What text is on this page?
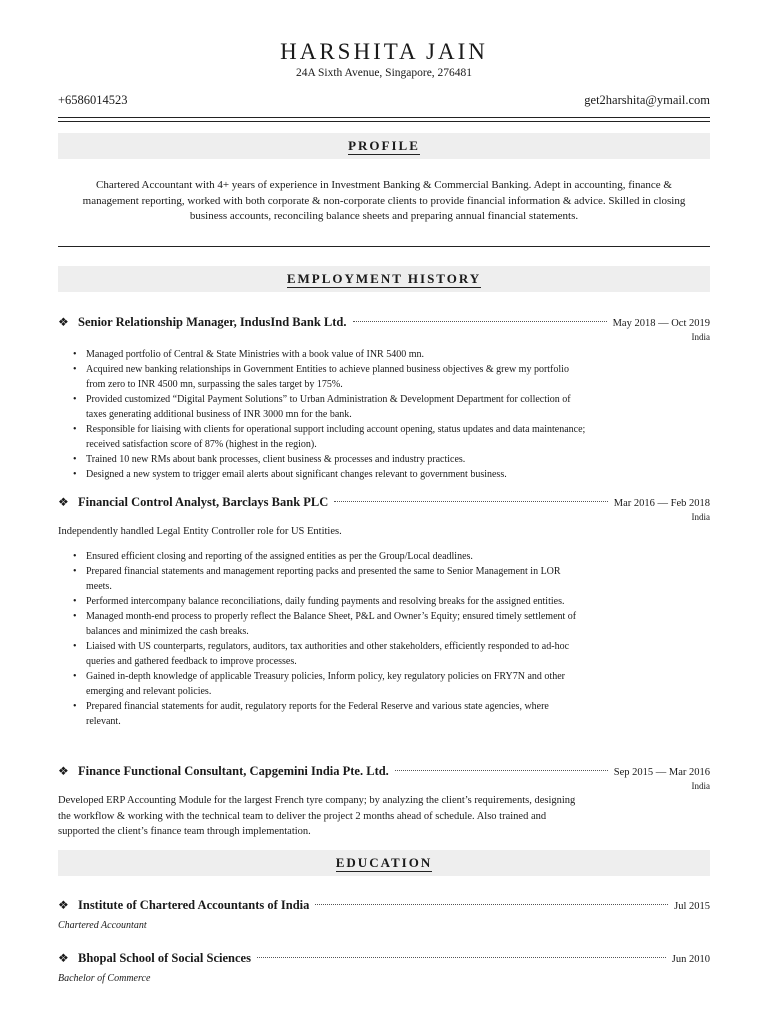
HARSHITA JAIN
24A Sixth Avenue, Singapore, 276481
+6586014523	get2harshita@ymail.com
PROFILE
Chartered Accountant with 4+ years of experience in Investment Banking & Commercial Banking. Adept in accounting, finance & management reporting, worked with both corporate & non-corporate clients to provide financial information & advice. Skilled in closing business accounts, reconciling balance sheets and preparing annual financial statements.
EMPLOYMENT HISTORY
❖ Senior Relationship Manager, IndusInd Bank Ltd.	May 2018 — Oct 2019
India
• Managed portfolio of Central & State Ministries with a book value of INR 5400 mn.
• Acquired new banking relationships in Government Entities to achieve planned business objectives & grew my portfolio from zero to INR 4500 mn, surpassing the sales target by 175%.
• Provided customized “Digital Payment Solutions” to Urban Administration & Development Department for collection of taxes generating additional business of INR 3000 mn for the bank.
• Responsible for liaising with clients for operational support including account opening, status updates and data maintenance; received satisfaction score of 87% (highest in the region).
• Trained 10 new RMs about bank processes, client business & processes and industry practices.
• Designed a new system to trigger email alerts about significant changes relevant to government business.
❖ Financial Control Analyst, Barclays Bank PLC	Mar 2016 — Feb 2018
India
Independently handled Legal Entity Controller role for US Entities.
• Ensured efficient closing and reporting of the assigned entities as per the Group/Local deadlines.
• Prepared financial statements and management reporting packs and presented the same to Senior Management in LOR meets.
• Performed intercompany balance reconciliations, daily funding payments and resolving breaks for the assigned entities.
• Managed month-end process to properly reflect the Balance Sheet, P&L and Owner’s Equity; ensured timely settlement of balances and minimized the cash breaks.
• Liaised with US counterparts, regulators, auditors, tax authorities and other stakeholders, efficiently responded to ad-hoc queries and gathered feedback to improve processes.
• Gained in-depth knowledge of applicable Treasury policies, Inform policy, key regulatory policies on FRY7N and other emerging and relevant policies.
• Prepared financial statements for audit, regulatory reports for the Federal Reserve and various state agencies, where relevant.
❖ Finance Functional Consultant, Capgemini India Pte. Ltd.	Sep 2015 — Mar 2016
India
Developed ERP Accounting Module for the largest French tyre company; by analyzing the client’s requirements, designing the workflow & working with the technical team to deliver the project 2 months ahead of schedule. Also trained and supported the client’s finance team through implementation.
EDUCATION
❖ Institute of Chartered Accountants of India	Jul 2015
Chartered Accountant
❖ Bhopal School of Social Sciences	Jun 2010
Bachelor of Commerce
